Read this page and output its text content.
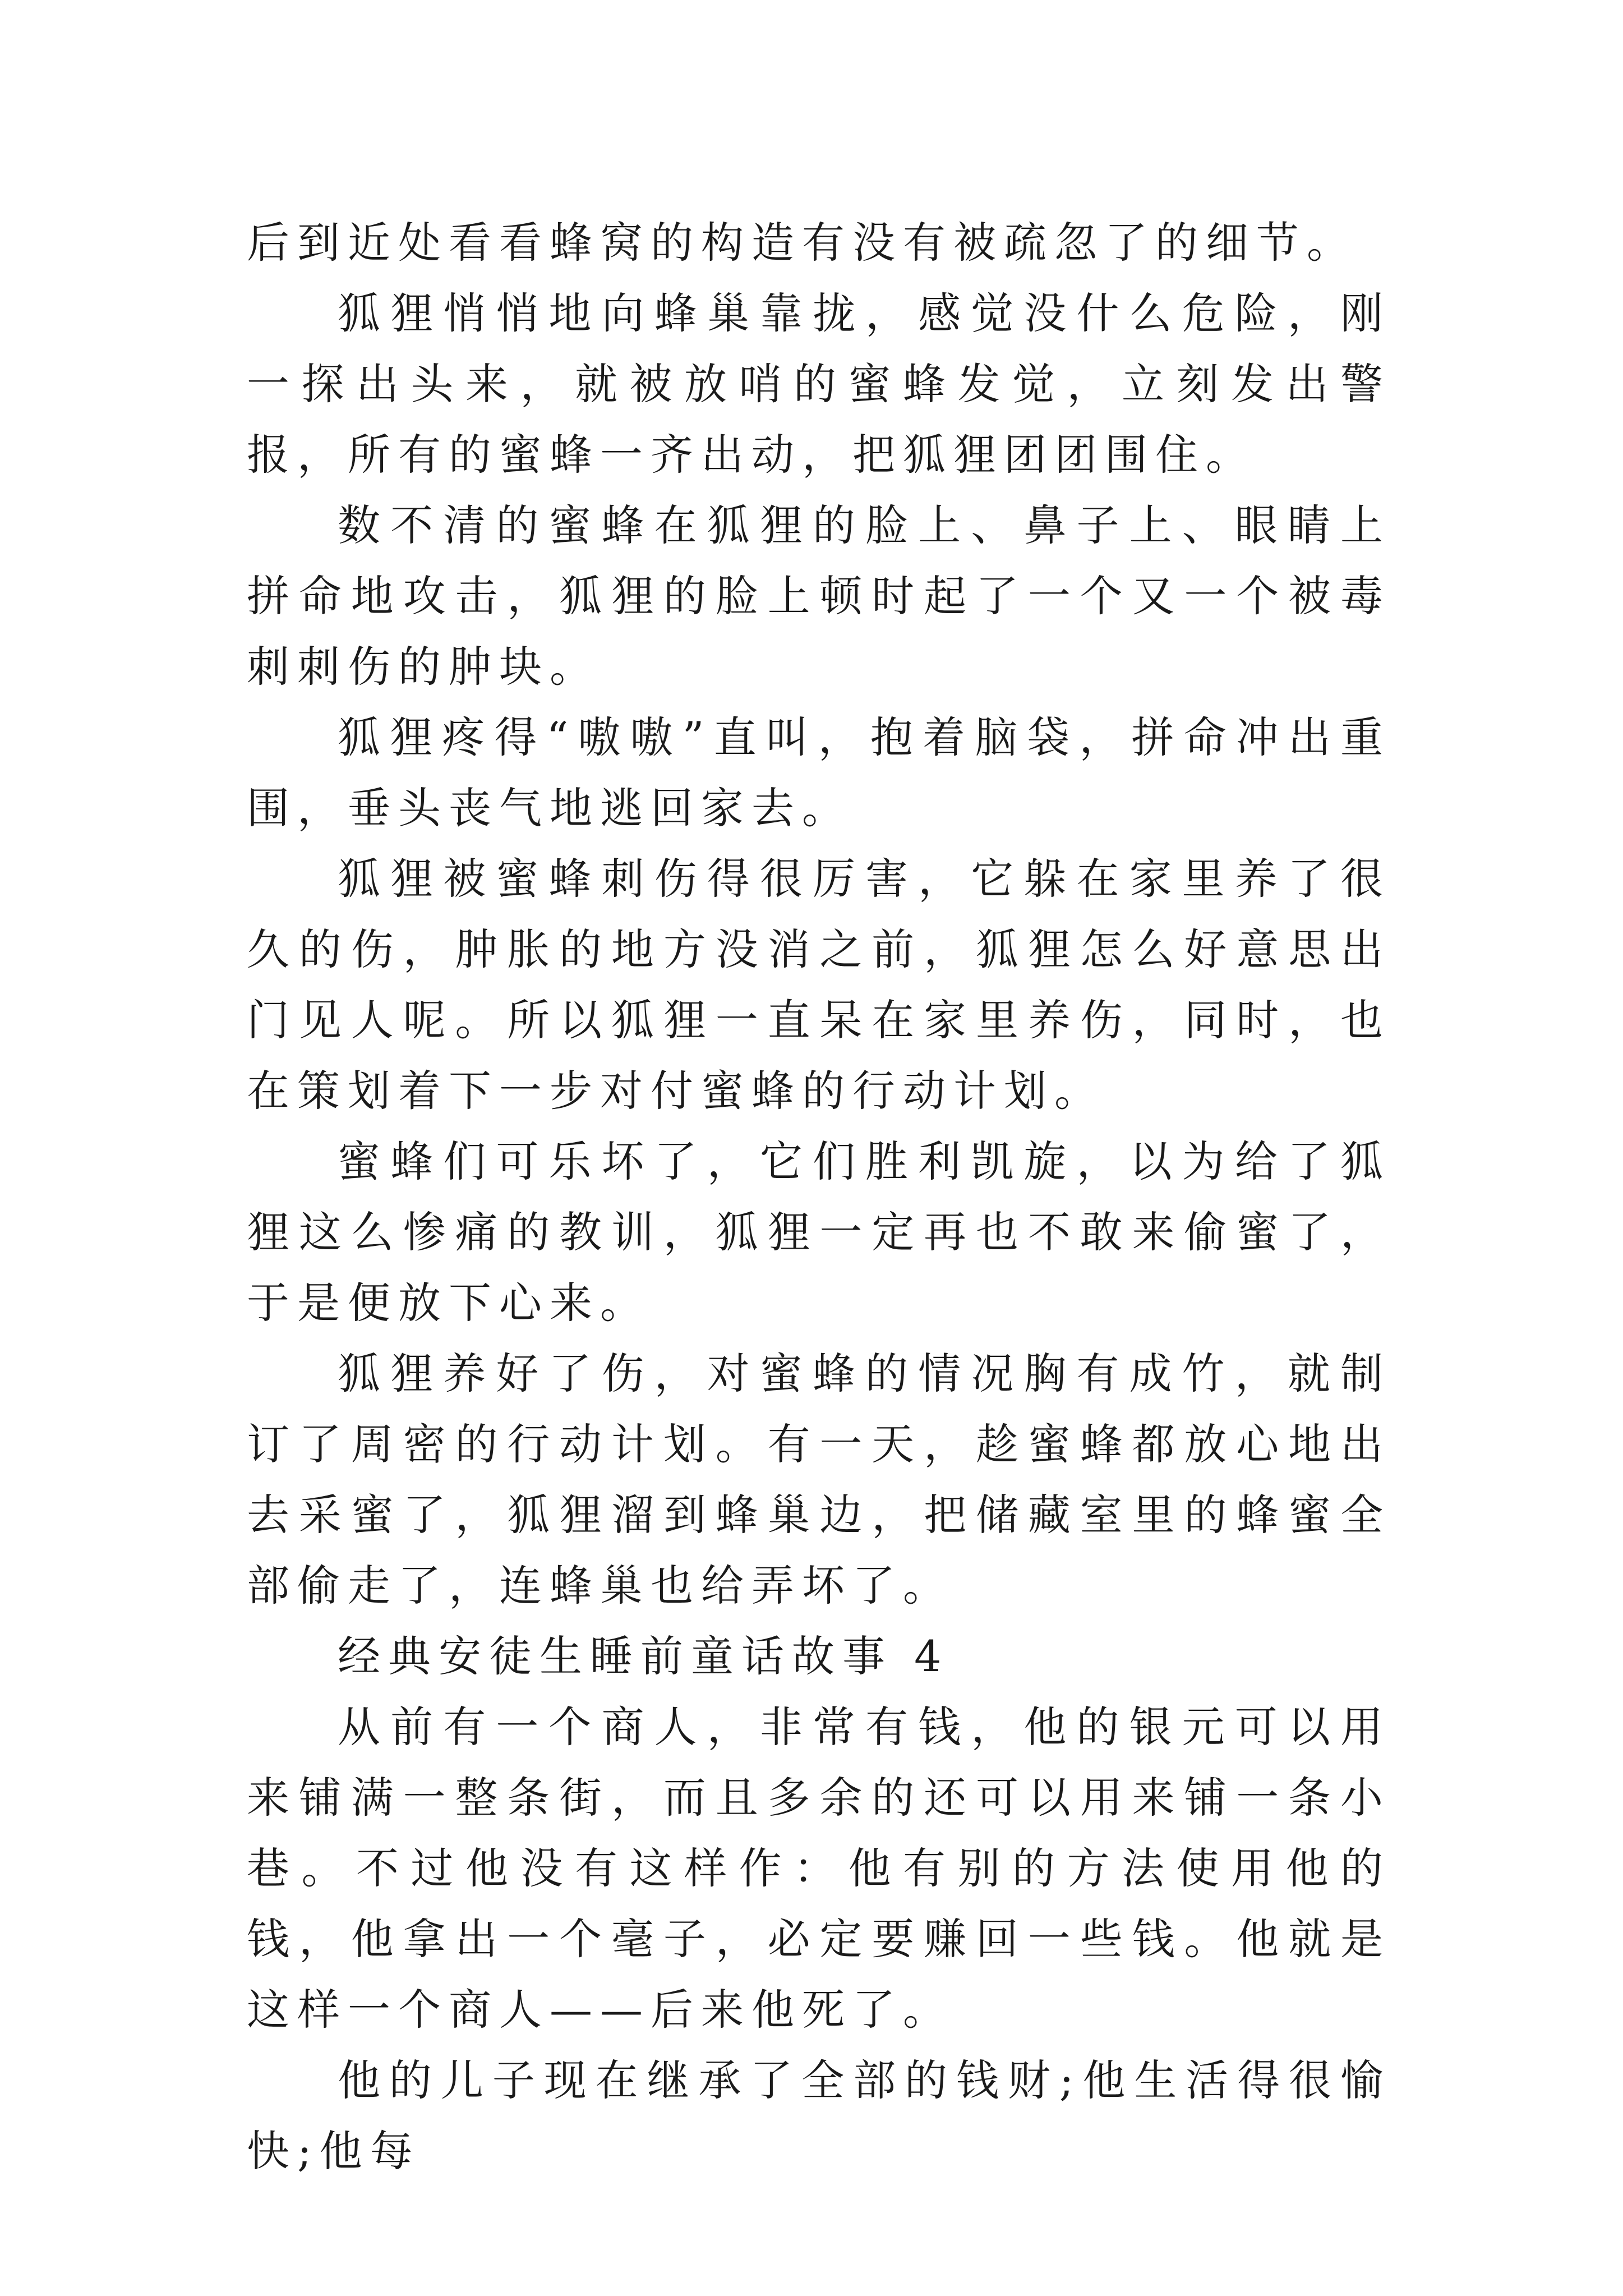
后到近处看看蜂窝的构造有没有被疏忽了的细节。

狐狸悄悄地向蜂巢靠拢，感觉没什么危险，刚一探出头来，就被放哨的蜜蜂发觉，立刻发出警报，所有的蜜蜂一齐出动，把狐狸团团围住。

数不清的蜜蜂在狐狸的脸上、鼻子上、眼睛上拼命地攻击，狐狸的脸上顿时起了一个又一个被毒 刺刺伤的肿块。

狐狸疼得“嗷嗷”直叫，抱着脑袋，拼命冲出重围，垂头丧气地逃回家去。

狐狸被蜜蜂刺伤得很厉害，它躲在家里养了很久的伤，肿胀的地方没消之前，狐狸怎么好意思出门见人呢。所以狐狸一直呆在家里养伤，同时，也在策划着下一步对付蜜蜂的行动计划。

蜜蜂们可乐坏了，它们胜利凯旋，以为给了狐狸这么惨痛的教训，狐狸一定再也不敢来偷蜜了，于是便放下心来。

狐狸养好了伤，对蜜蜂的情况胸有成竹，就制订了周密的行动计划。有一天，趁蜜蜂都放心地出去采蜜了，狐狸溜到蜂巢边，把储藏室里的蜂蜜全部偷走了，连蜂巢也给弄坏了。

经典安徒生睡前童话故事 4

从前有一个商人，非常有钱，他的银元可以用来铺满一整条街，而且多余的还可以用来铺一条小巷。不过他没有这样作：他有别的方法使用他的钱，他拿出一个毫子，必定要赚回一些钱。他就是这样一个商人——后来他死了。

他的儿子现在继承了全部的钱财;他生活得很愉快;他每
